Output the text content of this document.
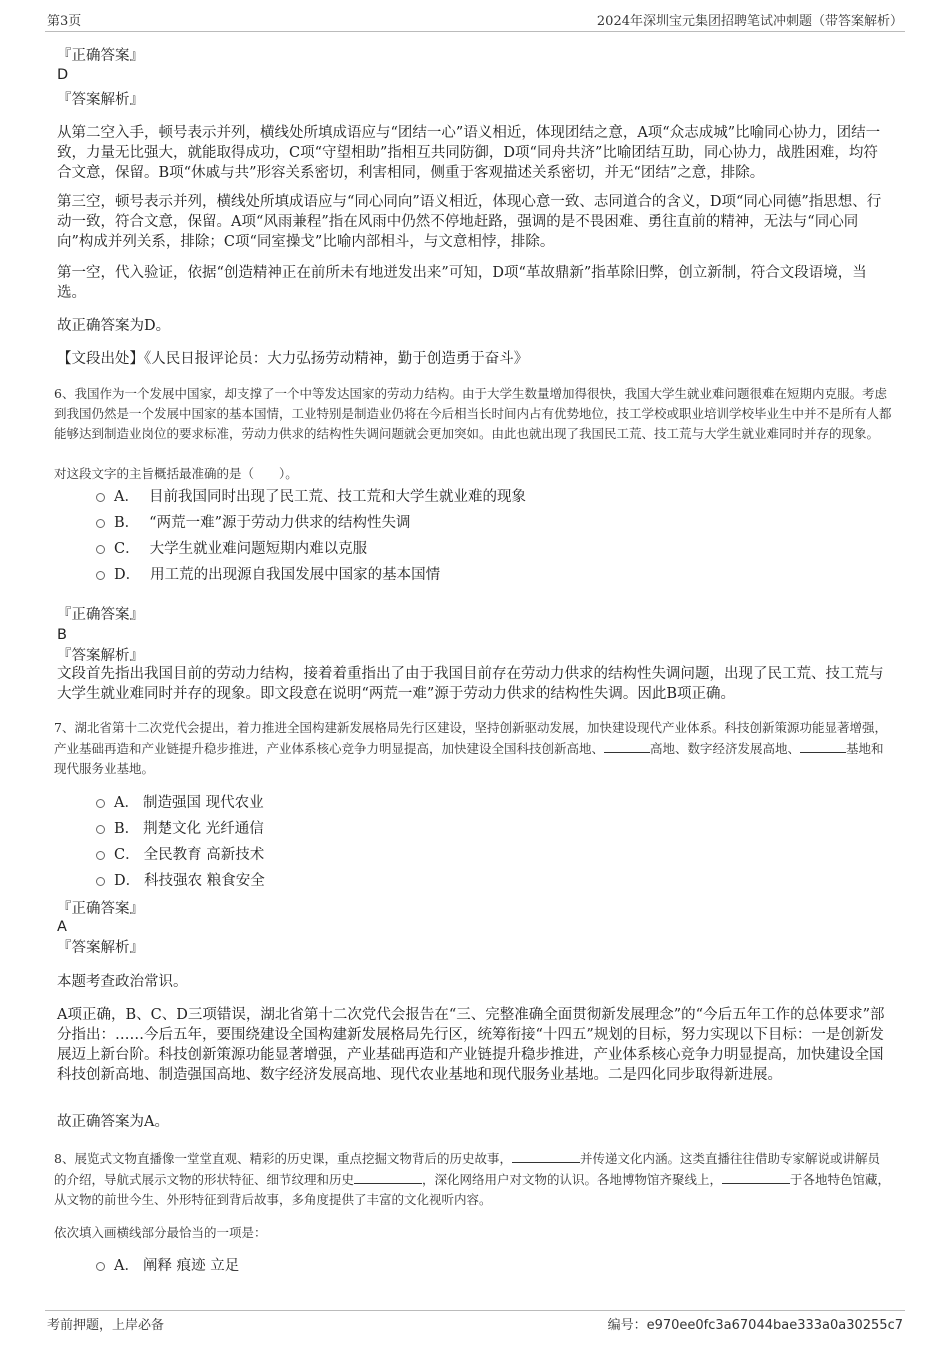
第3页	2024年深圳宝元集团招聘笔试冲刺题（带答案解析）
『正确答案』
D
『答案解析』
从第二空入手，顿号表示并列，横线处所填成语应与“团结一心”语义相近，体现团结之意，A项“众志成城”比喻同心协力，团结一致，力量无比强大，就能取得成功，C项“守望相助”指相互共同防御，D项“同舟共济”比喻团结互助，同心协力，战胜困难，均符合文意，保留。B项“休戚与共”形容关系密切，利害相同，侧重于客观描述关系密切，并无“团结”之意，排除。
第三空，顿号表示并列，横线处所填成语应与“同心同向”语义相近，体现心意一致、志同道合的含义，D项“同心同德”指思想、行动一致，符合文意，保留。A项“风雨兼程”指在风雨中仍然不停地赶路，强调的是不畏困难、勇往直前的精神，无法与“同心同向”构成并列关系，排除；C项“同室操戈”比喻内部相斗，与文意相悖，排除。
第一空，代入验证，依据“创造精神正在前所未有地迸发出来”可知，D项“革故鼎新”指革除旧弊，创立新制，符合文段语境，当选。
故正确答案为D。
【文段出处】《人民日报评论员：大力弘扬劳动精神，勤于创造勇于奋斗》
6、我国作为一个发展中国家，却支撑了一个中等发达国家的劳动力结构。由于大学生数量增加得很快，我国大学生就业难问题很难在短期内克服。考虑到我国仍然是一个发展中国家的基本国情，工业特别是制造业仍将在今后相当长时间内占有优势地位，技工学校或职业培训学校毕业生中并不是所有人都能够达到制造业岗位的要求标准，劳动力供求的结构性失调问题就会更加突如。由此也就出现了我国民工荒、技工荒与大学生就业难同时并存的现象。
对这段文字的主旨概括最准确的是（　　）。
A． 目前我国同时出现了民工荒、技工荒和大学生就业难的现象
B． “两荒一难”源于劳动力供求的结构性失调
C． 大学生就业难问题短期内难以克服
D． 用工荒的出现源自我国发展中国家的基本国情
『正确答案』
B
『答案解析』
文段首先指出我国目前的劳动力结构，接着着重指出了由于我国目前存在劳动力供求的结构性失调问题，出现了民工荒、技工荒与大学生就业难同时并存的现象。即文段意在说明“两荒一难”源于劳动力供求的结构性失调。因此B项正确。
7、湖北省第十二次党代会提出，着力推进全国构建新发展格局先行区建设，坚持创新驱动发展，加快建设现代产业体系。科技创新策源功能显著增强，产业基础再造和产业链提升稳步推进，产业体系核心竞争力明显提高，加快建设全国科技创新高地、	高地、数字经济发展高地、	基地和现代服务业基地。
A． 制造强国 现代农业
B． 荆楚文化 光纤通信
C． 全民教育 高新技术
D． 科技强农 粮食安全
『正确答案』
A
『答案解析』
本题考查政治常识。
A项正确，B、C、D三项错误，湖北省第十二次党代会报告在“三、完整准确全面贯彻新发展理念”的“今后五年工作的总体要求”部分指出：……今后五年，要围绕建设全国构建新发展格局先行区，统筹衔接“十四五”规划的目标，努力实现以下目标：一是创新发展迈上新台阶。科技创新策源功能显著增强，产业基础再造和产业链提升稳步推进，产业体系核心竞争力明显提高，加快建设全国科技创新高地、制造强国高地、数字经济发展高地、现代农业基地和现代服务业基地。二是四化同步取得新进展。
故正确答案为A。
8、展览式文物直播像一堂堂直观、精彩的历史课，重点挖掘文物背后的历史故事，	并传递文化内涵。这类直播往往借助专家解说或讲解员的介绍，导航式展示文物的形状特征、细节纹理和历史	，深化网络用户对文物的认识。各地博物馆齐聚线上，	于各地特色馆藏，从文物的前世今生、外形特征到背后故事，多角度提供了丰富的文化视听内容。
依次填入画横线部分最恰当的一项是：
A． 阐释 痕迹 立足
考前押题，上岸必备	编号：e970ee0fc3a67044bae333a0a30255c7
